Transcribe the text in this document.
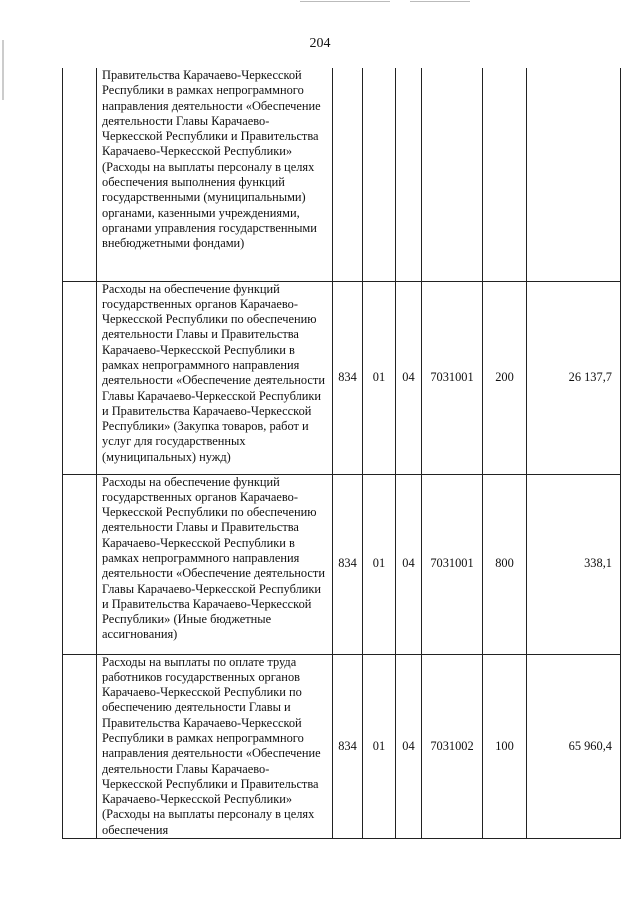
204
	Правительства Карачаево-Черкесской Республики в рамках непрограммного направления деятельности «Обеспечение деятельности Главы Карачаево-Черкесской Республики и Правительства Карачаево-Черкесской Республики» (Расходы на выплаты персоналу в целях обеспечения выполнения функций государственными (муниципальными) органами, казенными учреждениями, органами управления государственными внебюджетными фондами)						
	Расходы на обеспечение функций государственных органов Карачаево-Черкесской Республики по обеспечению деятельности Главы и Правительства Карачаево-Черкесской Республики в рамках непрограммного направления деятельности «Обеспечение деятельности Главы Карачаево-Черкесской Республики и Правительства Карачаево-Черкесской Республики» (Закупка товаров, работ и услуг для государственных (муниципальных) нужд)	834	01	04	7031001	200	26 137,7
	Расходы на обеспечение функций государственных органов Карачаево-Черкесской Республики по обеспечению деятельности Главы и Правительства Карачаево-Черкесской Республики в рамках непрограммного направления деятельности «Обеспечение деятельности Главы Карачаево-Черкесской Республики и Правительства Карачаево-Черкесской Республики» (Иные бюджетные ассигнования)	834	01	04	7031001	800	338,1
	Расходы на выплаты по оплате труда работников государственных органов Карачаево-Черкесской Республики по обеспечению деятельности Главы и Правительства Карачаево-Черкесской Республики в рамках непрограммного направления деятельности «Обеспечение деятельности Главы Карачаево-Черкесской Республики и Правительства Карачаево-Черкесской Республики» (Расходы на выплаты персоналу в целях обеспечения	834	01	04	7031002	100	65 960,4
